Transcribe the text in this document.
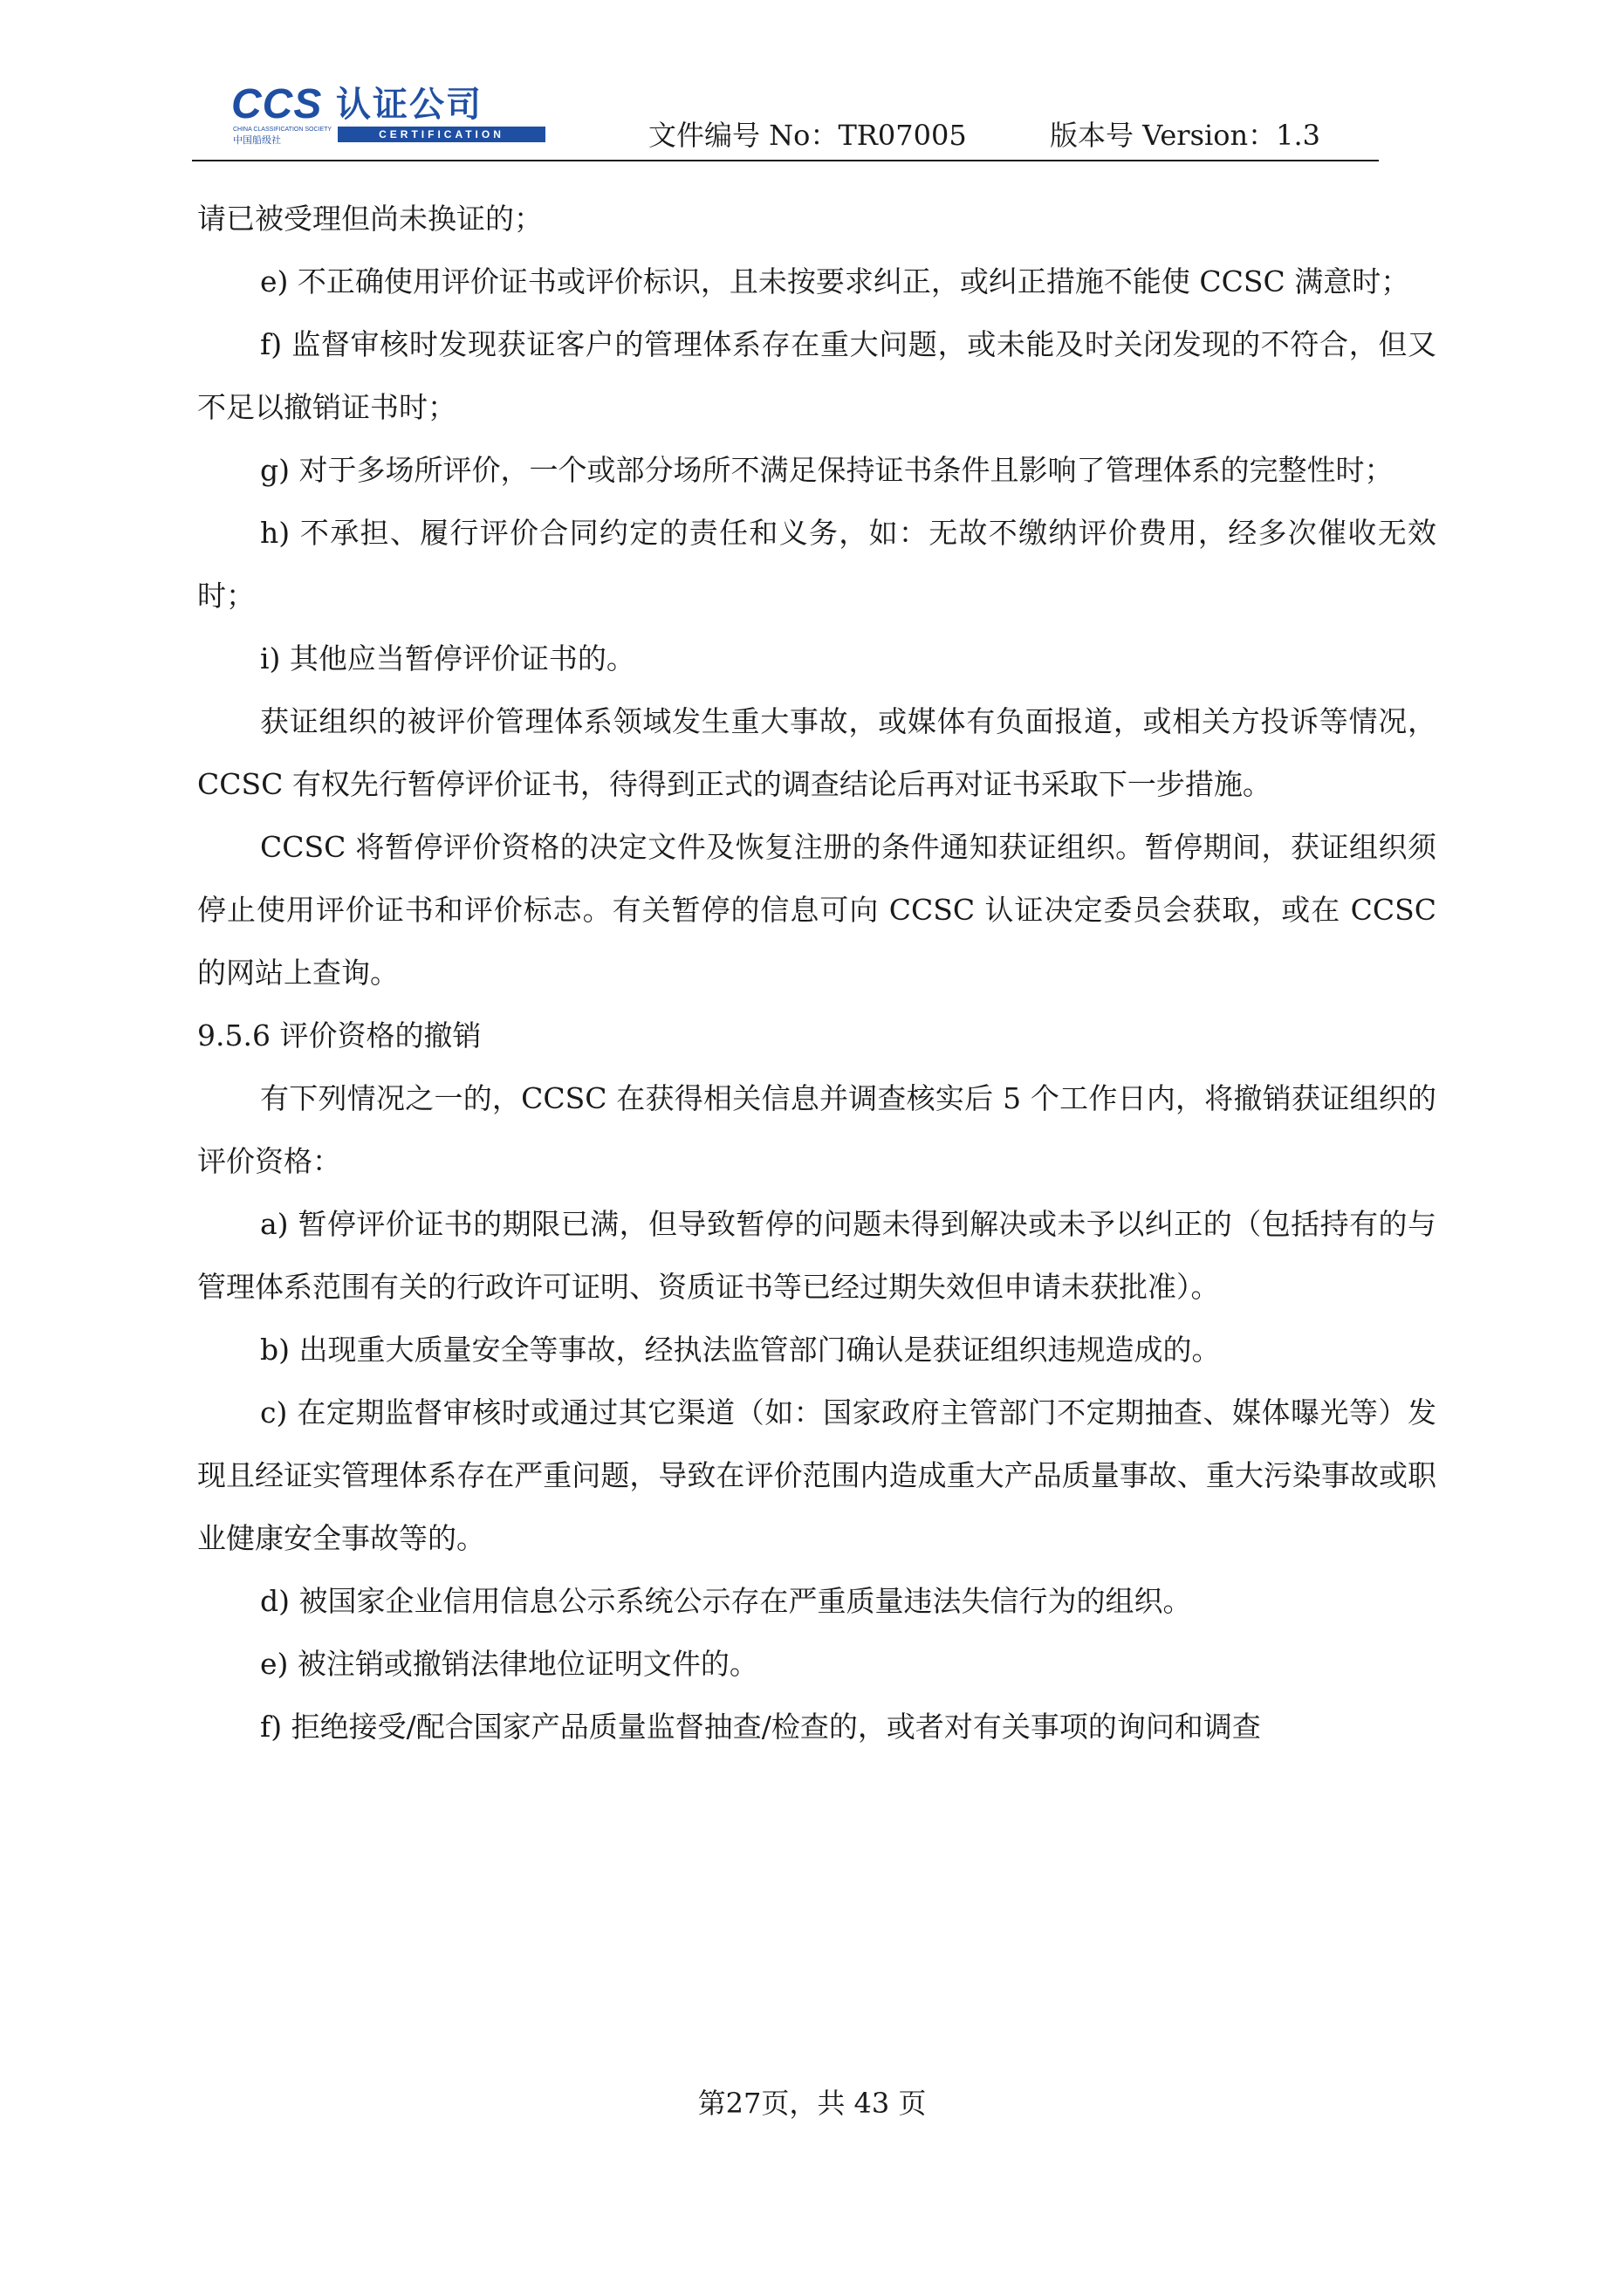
CCS
CHINA CLASSIFICATION SOCIETY
中国船级社
认证公司
CERTIFICATION	文件编号 No：TR07005	版本号 Version：1.3

请已被受理但尚未换证的；

e) 不正确使用评价证书或评价标识，且未按要求纠正，或纠正措施不能使 CCSC 满意时；

f) 监督审核时发现获证客户的管理体系存在重大问题，或未能及时关闭发现的不符合，但又不足以撤销证书时；

g) 对于多场所评价，一个或部分场所不满足保持证书条件且影响了管理体系的完整性时；

h) 不承担、履行评价合同约定的责任和义务，如：无故不缴纳评价费用，经多次催收无效时；

i) 其他应当暂停评价证书的。

获证组织的被评价管理体系领域发生重大事故，或媒体有负面报道，或相关方投诉等情况，CCSC 有权先行暂停评价证书，待得到正式的调查结论后再对证书采取下一步措施。

CCSC 将暂停评价资格的决定文件及恢复注册的条件通知获证组织。暂停期间，获证组织须停止使用评价证书和评价标志。有关暂停的信息可向 CCSC 认证决定委员会获取，或在 CCSC 的网站上查询。

9.5.6 评价资格的撤销

有下列情况之一的，CCSC 在获得相关信息并调查核实后 5 个工作日内，将撤销获证组织的评价资格：

a) 暂停评价证书的期限已满，但导致暂停的问题未得到解决或未予以纠正的（包括持有的与管理体系范围有关的行政许可证明、资质证书等已经过期失效但申请未获批准）。

b) 出现重大质量安全等事故，经执法监管部门确认是获证组织违规造成的。

c) 在定期监督审核时或通过其它渠道（如：国家政府主管部门不定期抽查、媒体曝光等）发现且经证实管理体系存在严重问题，导致在评价范围内造成重大产品质量事故、重大污染事故或职业健康安全事故等的。

d) 被国家企业信用信息公示系统公示存在严重质量违法失信行为的组织。

e) 被注销或撤销法律地位证明文件的。

f) 拒绝接受/配合国家产品质量监督抽查/检查的，或者对有关事项的询问和调查

第27页，共 43 页
